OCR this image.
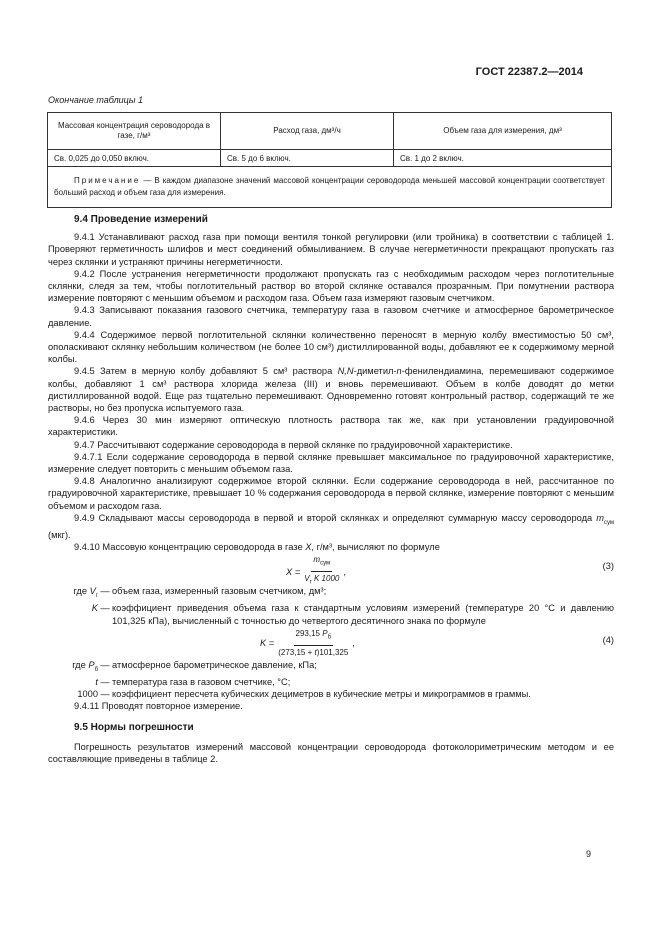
ГОСТ 22387.2—2014
Окончание таблицы 1
Массовая концентрация сероводорода в газе, г/м³	Расход газа, дм³/ч	Объем газа для измерения, дм³
Св. 0,025 до 0,050 включ.	Св. 5 до 6 включ.	Св. 1 до 2 включ.
Примечание — В каждом диапазоне значений массовой концентрации сероводорода меньшей массовой концентрации соответствует больший расход и объем газа для измерения.		

9.4 Проведение измерений

9.4.1 Устанавливают расход газа при помощи вентиля тонкой регулировки (или тройника) в соответствии с таблицей 1. Проверяют герметичность шлифов и мест соединений обмыливанием. В случае негерметичности прекращают пропускать газ через склянки и устраняют причины негерметичности.

9.4.2 После устранения негерметичности продолжают пропускать газ с необходимым расходом через поглотительные склянки, следя за тем, чтобы поглотительный раствор во второй склянке оставался прозрачным. При помутнении раствора измерение повторяют с меньшим объемом и расходом газа. Объем газа измеряют газовым счетчиком.

9.4.3 Записывают показания газового счетчика, температуру газа в газовом счетчике и атмосферное барометрическое давление.

9.4.4 Содержимое первой поглотительной склянки количественно переносят в мерную колбу вместимостью 50 см³, ополаскивают склянку небольшим количеством (не более 10 см³) дистиллированной воды, добавляют ее к содержимому мерной колбы.

9.4.5 Затем в мерную колбу добавляют 5 см³ раствора N,N-диметил-n-фенилендиамина, перемешивают содержимое колбы, добавляют 1 см³ раствора хлорида железа (III) и вновь перемешивают. Объем в колбе доводят до метки дистиллированной водой. Еще раз тщательно перемешивают. Одновременно готовят контрольный раствор, содержащий те же растворы, но без пропуска испытуемого газа.

9.4.6 Через 30 мин измеряют оптическую плотность раствора так же, как при установлении градуировочной характеристики.

9.4.7 Рассчитывают содержание сероводорода в первой склянке по градуировочной характеристике.

9.4.7.1 Если содержание сероводорода в первой склянке превышает максимальное по градуировочной характеристике, измерение следует повторить с меньшим объемом газа.

9.4.8 Аналогично анализируют содержимое второй склянки. Если содержание сероводорода в ней, рассчитанное по градуировочной характеристике, превышает 10 % содержания сероводорода в первой склянке, измерение повторяют с меньшим объемом и расходом газа.

9.4.9 Складывают массы сероводорода в первой и второй склянках и определяют суммарную массу сероводорода $m_{сум}$ (мкг).

9.4.10 Массовую концентрацию сероводорода в газе X, г/м³, вычисляют по формуле

$X = \frac{m_{сум}}{V_г K 1000}$ ,
(3)
где $V_г$ — объем газа, измеренный газовым счетчиком, дм³;
K — коэффициент приведения объема газа к стандартным условиям измерений (температуре 20 °С и давлению 101,325 кПа), вычисленный с точностью до четвертого десятичного знака по формуле
$K = \frac{293,15 P_б}{(273,15 + t)101,325}$ ,	(4)
где $P_б$ — атмосферное барометрическое давление, кПа;
t — температура газа в газовом счетчике, °С;
1000 — коэффициент пересчета кубических дециметров в кубические метры и микрограммов в граммы.

9.4.11 Проводят повторное измерение.

9.5 Нормы погрешности

Погрешность результатов измерений массовой концентрации сероводорода фотоколориметрическим методом и ее составляющие приведены в таблице 2.

9
